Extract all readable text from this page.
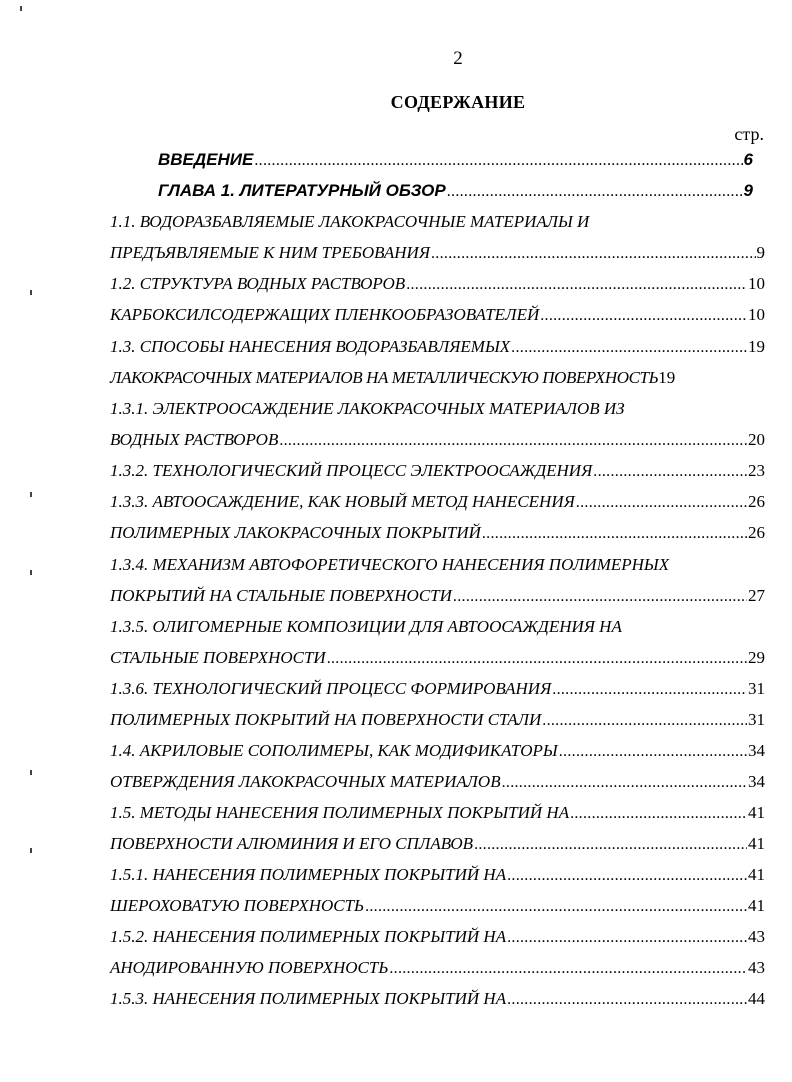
2
СОДЕРЖАНИЕ
стр.
ВВЕДЕНИЕ .....	6
ГЛАВА 1. ЛИТЕРАТУРНЫЙ ОБЗОР .....	9
1.1. ВОДОРАЗБАВЛЯЕМЫЕ ЛАКОКРАСОЧНЫЕ МАТЕРИАЛЫ И
ПРЕДЪЯВЛЯЕМЫЕ К НИМ ТРЕБОВАНИЯ .....	9
1.2. СТРУКТУРА ВОДНЫХ РАСТВОРОВ .....	10
КАРБОКСИЛСОДЕРЖАЩИХ ПЛЕНКООБРАЗОВАТЕЛЕЙ .....	10
1.3. СПОСОБЫ НАНЕСЕНИЯ ВОДОРАЗБАВЛЯЕМЫХ .....	19
ЛАКОКРАСОЧНЫХ МАТЕРИАЛОВ НА МЕТАЛЛИЧЕСКУЮ ПОВЕРХНОСТЬ 19
1.3.1. ЭЛЕКТРООСАЖДЕНИЕ ЛАКОКРАСОЧНЫХ МАТЕРИАЛОВ ИЗ
ВОДНЫХ РАСТВОРОВ .....	20
1.3.2. ТЕХНОЛОГИЧЕСКИЙ ПРОЦЕСС ЭЛЕКТРООСАЖДЕНИЯ .....	23
1.3.3. АВТООСАЖДЕНИЕ, КАК НОВЫЙ МЕТОД НАНЕСЕНИЯ .....	26
ПОЛИМЕРНЫХ ЛАКОКРАСОЧНЫХ ПОКРЫТИЙ .....	26
1.3.4. МЕХАНИЗМ АВТОФОРЕТИЧЕСКОГО НАНЕСЕНИЯ ПОЛИМЕРНЫХ
ПОКРЫТИЙ НА СТАЛЬНЫЕ ПОВЕРХНОСТИ .....	27
1.3.5. ОЛИГОМЕРНЫЕ КОМПОЗИЦИИ ДЛЯ АВТООСАЖДЕНИЯ НА
СТАЛЬНЫЕ ПОВЕРХНОСТИ .....	29
1.3.6. ТЕХНОЛОГИЧЕСКИЙ ПРОЦЕСС ФОРМИРОВАНИЯ .....	31
ПОЛИМЕРНЫХ ПОКРЫТИЙ НА ПОВЕРХНОСТИ СТАЛИ .....	31
1.4. АКРИЛОВЫЕ СОПОЛИМЕРЫ, КАК МОДИФИКАТОРЫ .....	34
ОТВЕРЖДЕНИЯ ЛАКОКРАСОЧНЫХ МАТЕРИАЛОВ .....	34
1.5. МЕТОДЫ НАНЕСЕНИЯ ПОЛИМЕРНЫХ ПОКРЫТИЙ НА .....	41
ПОВЕРХНОСТИ АЛЮМИНИЯ И ЕГО СПЛАВОВ .....	41
1.5.1. НАНЕСЕНИЯ ПОЛИМЕРНЫХ ПОКРЫТИЙ НА .....	41
ШЕРОХОВАТУЮ ПОВЕРХНОСТЬ .....	41
1.5.2. НАНЕСЕНИЯ ПОЛИМЕРНЫХ ПОКРЫТИЙ НА .....	43
АНОДИРОВАННУЮ ПОВЕРХНОСТЬ .....	43
1.5.3. НАНЕСЕНИЯ ПОЛИМЕРНЫХ ПОКРЫТИЙ НА .....	44
